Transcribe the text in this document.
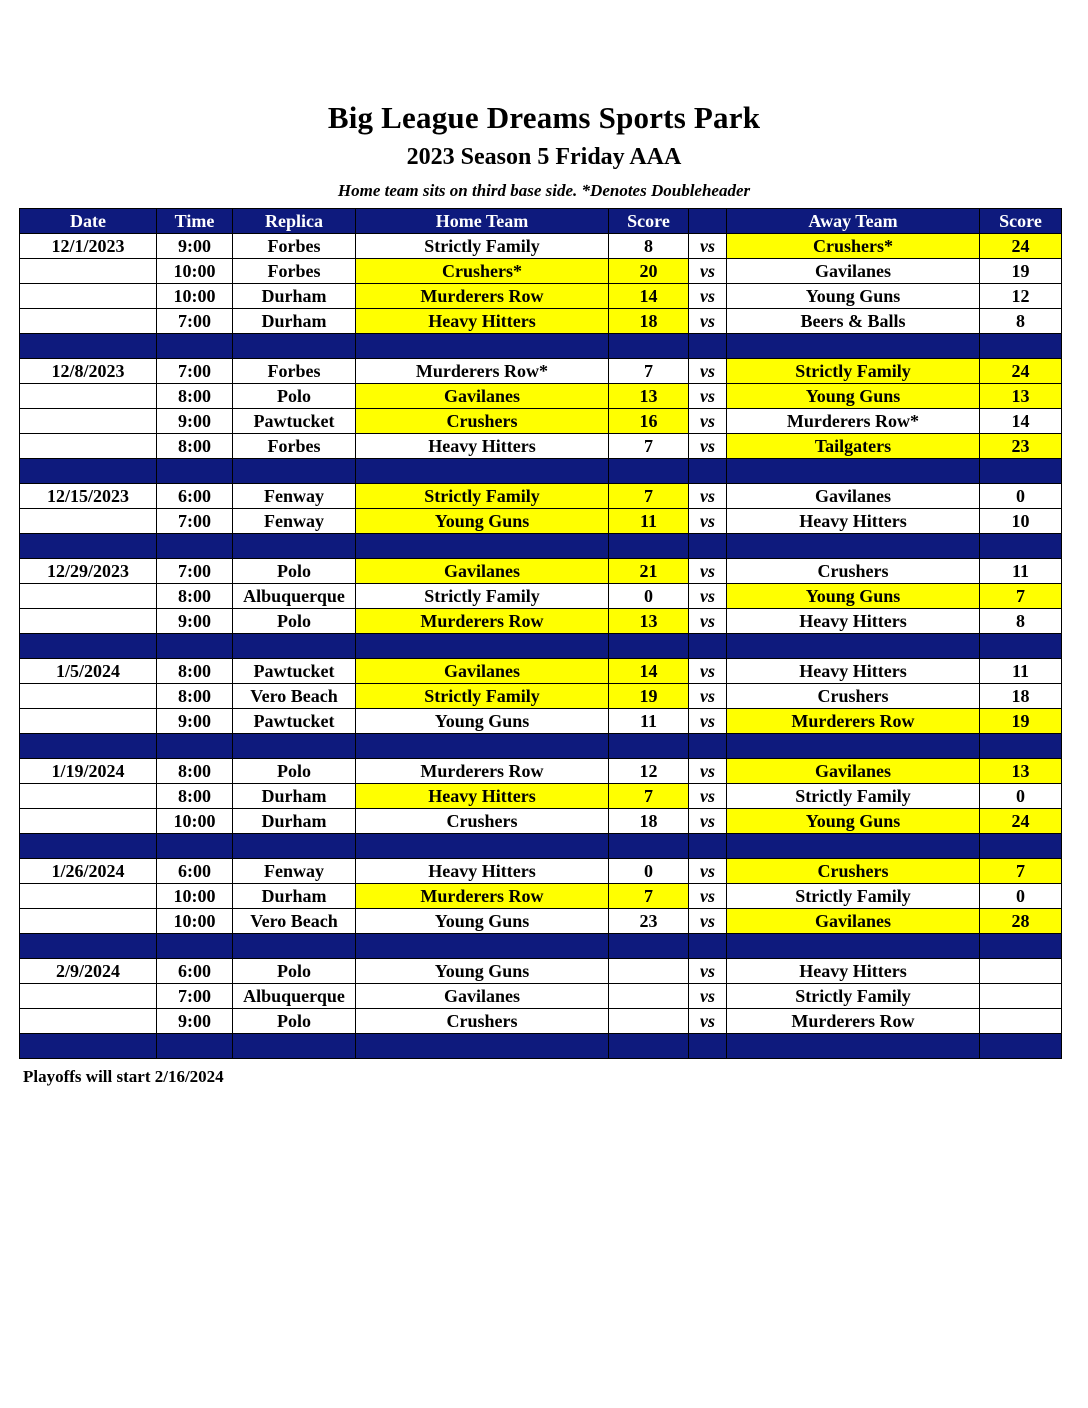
Big League Dreams Sports Park
2023 Season 5 Friday AAA
Home team sits on third base side. *Denotes Doubleheader
Date	Time	Replica	Home Team	Score		Away Team	Score
12/1/2023	9:00	Forbes	Strictly Family	8	vs	Crushers*	24
	10:00	Forbes	Crushers*	20	vs	Gavilanes	19
	10:00	Durham	Murderers Row	14	vs	Young Guns	12
	7:00	Durham	Heavy Hitters	18	vs	Beers & Balls	8

12/8/2023	7:00	Forbes	Murderers Row*	7	vs	Strictly Family	24
	8:00	Polo	Gavilanes	13	vs	Young Guns	13
	9:00	Pawtucket	Crushers	16	vs	Murderers Row*	14
	8:00	Forbes	Heavy Hitters	7	vs	Tailgaters	23

12/15/2023	6:00	Fenway	Strictly Family	7	vs	Gavilanes	0
	7:00	Fenway	Young Guns	11	vs	Heavy Hitters	10

12/29/2023	7:00	Polo	Gavilanes	21	vs	Crushers	11
	8:00	Albuquerque	Strictly Family	0	vs	Young Guns	7
	9:00	Polo	Murderers Row	13	vs	Heavy Hitters	8

1/5/2024	8:00	Pawtucket	Gavilanes	14	vs	Heavy Hitters	11
	8:00	Vero Beach	Strictly Family	19	vs	Crushers	18
	9:00	Pawtucket	Young Guns	11	vs	Murderers Row	19

1/19/2024	8:00	Polo	Murderers Row	12	vs	Gavilanes	13
	8:00	Durham	Heavy Hitters	7	vs	Strictly Family	0
	10:00	Durham	Crushers	18	vs	Young Guns	24

1/26/2024	6:00	Fenway	Heavy Hitters	0	vs	Crushers	7
	10:00	Durham	Murderers Row	7	vs	Strictly Family	0
	10:00	Vero Beach	Young Guns	23	vs	Gavilanes	28

2/9/2024	6:00	Polo	Young Guns		vs	Heavy Hitters	
	7:00	Albuquerque	Gavilanes		vs	Strictly Family	
	9:00	Polo	Crushers		vs	Murderers Row	

Playoffs will start 2/16/2024
